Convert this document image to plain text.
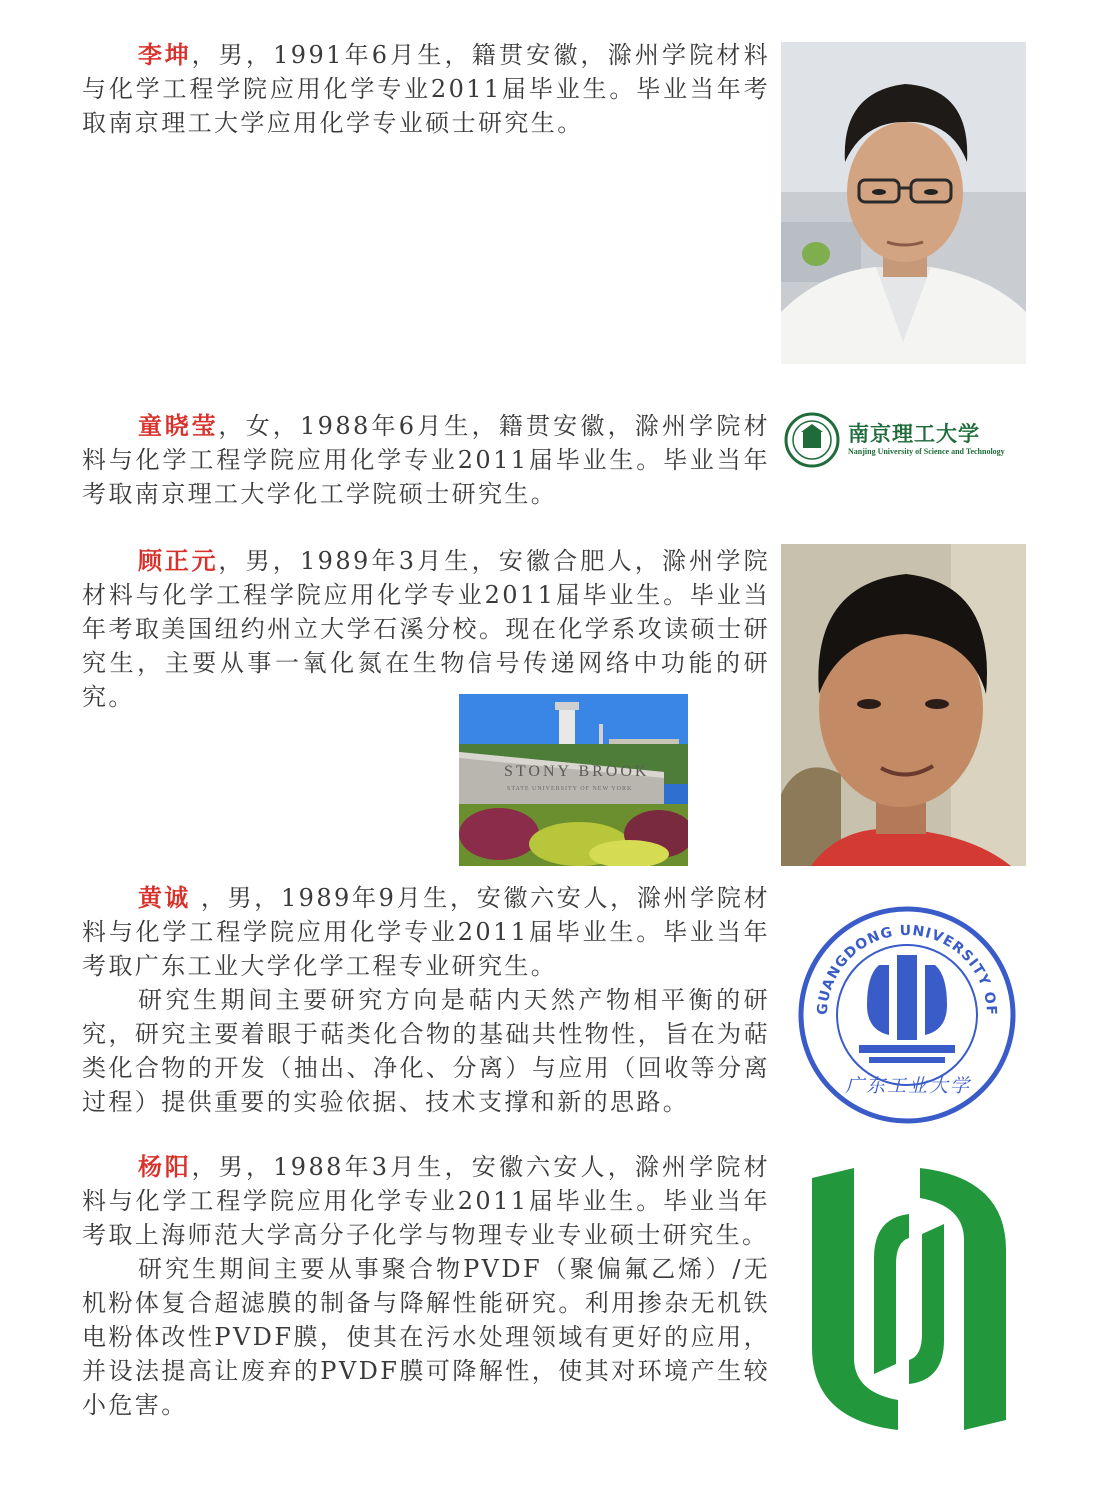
李坤，男，1991年6月生，籍贯安徽，滁州学院材料与化学工程学院应用化学专业2011届毕业生。毕业当年考取南京理工大学应用化学专业硕士研究生。

童晓莹，女，1988年6月生，籍贯安徽，滁州学院材料与化学工程学院应用化学专业2011届毕业生。毕业当年考取南京理工大学化工学院硕士研究生。

南京理工大学
Nanjing University of Science and Technology

顾正元，男，1989年3月生，安徽合肥人，滁州学院材料与化学工程学院应用化学专业2011届毕业生。毕业当年考取美国纽约州立大学石溪分校。现在化学系攻读硕士研究生，主要从事一氧化氮在生物信号传递网络中功能的研究。

STONY BROOK
STATE UNIVERSITY OF NEW YORK

黄诚 ，男，1989年9月生，安徽六安人，滁州学院材料与化学工程学院应用化学专业2011届毕业生。毕业当年考取广东工业大学化学工程专业研究生。

研究生期间主要研究方向是萜内天然产物相平衡的研究，研究主要着眼于萜类化合物的基础共性物性，旨在为萜类化合物的开发（抽出、净化、分离）与应用（回收等分离过程）提供重要的实验依据、技术支撑和新的思路。

GUANGDONG UNIVERSITY OF
广东工业大学

杨阳，男，1988年3月生，安徽六安人，滁州学院材料与化学工程学院应用化学专业2011届毕业生。毕业当年考取上海师范大学高分子化学与物理专业专业硕士研究生。

研究生期间主要从事聚合物PVDF（聚偏氟乙烯）/无机粉体复合超滤膜的制备与降解性能研究。利用掺杂无机铁电粉体改性PVDF膜，使其在污水处理领域有更好的应用，并设法提高让废弃的PVDF膜可降解性，使其对环境产生较小危害。
